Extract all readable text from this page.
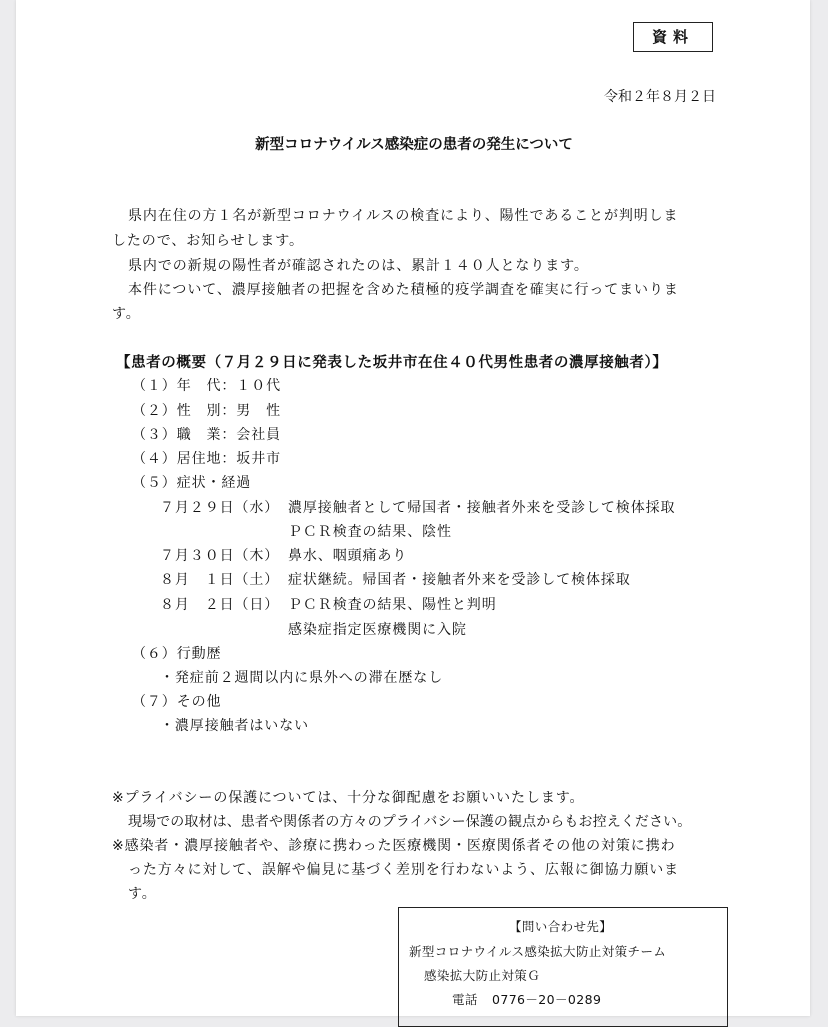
資料
令和２年８月２日
新型コロナウイルス感染症の患者の発生について
県内在住の方１名が新型コロナウイルスの検査により、陽性であることが判明しま
したので、お知らせします。
県内での新規の陽性者が確認されたのは、累計１４０人となります。
本件について、濃厚接触者の把握を含めた積極的疫学調査を確実に行ってまいりま
す。
【患者の概要（７月２９日に発表した坂井市在住４０代男性患者の濃厚接触者）】
（１）年　代：１０代
（２）性　別：男　性
（３）職　業：会社員
（４）居住地：坂井市
（５）症状・経過
７月２９日（水） 濃厚接触者として帰国者・接触者外来を受診して検体採取
ＰＣＲ検査の結果、陰性
７月３０日（木） 鼻水、咽頭痛あり
８月　１日（土） 症状継続。帰国者・接触者外来を受診して検体採取
８月　２日（日） ＰＣＲ検査の結果、陽性と判明
感染症指定医療機関に入院
（６）行動歴
・発症前２週間以内に県外への滞在歴なし
（７）その他
・濃厚接触者はいない
※プライバシーの保護については、十分な御配慮をお願いいたします。
現場での取材は、患者や関係者の方々のプライバシー保護の観点からもお控えください。
※感染者・濃厚接触者や、診療に携わった医療機関・医療関係者その他の対策に携わ
った方々に対して、誤解や偏見に基づく差別を行わないよう、広報に御協力願いま
す。
【問い合わせ先】
新型コロナウイルス感染拡大防止対策チーム
感染拡大防止対策Ｇ
電話 0776－20－0289
